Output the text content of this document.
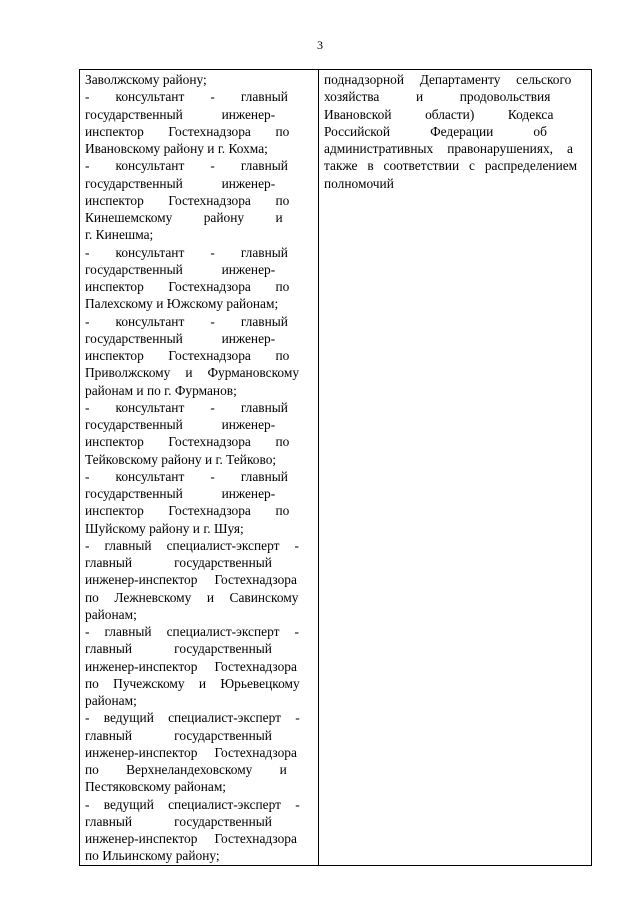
3
Заволжскому району;
- консультант - главный
государственный	инженер-
инспектор Гостехнадзора по
Ивановскому району и г. Кохма;
- консультант - главный
государственный	инженер-
инспектор Гостехнадзора по
Кинешемскому району и
г. Кинешма;
- консультант - главный
государственный	инженер-
инспектор Гостехнадзора по
Палехскому и Южскому районам;
- консультант - главный
государственный	инженер-
инспектор Гостехнадзора по
Приволжскому и Фурмановскому
районам и по г. Фурманов;
- консультант - главный
государственный	инженер-
инспектор Гостехнадзора по
Тейковскому району и г. Тейково;
- консультант - главный
государственный	инженер-
инспектор Гостехнадзора по
Шуйскому району и г. Шуя;
- главный специалист-эксперт -
главный	государственный
инженер-инспектор Гостехнадзора
по Лежневскому и Савинскому
районам;
- главный специалист-эксперт -
главный	государственный
инженер-инспектор Гостехнадзора
по Пучежскому и Юрьевецкому
районам;
- ведущий специалист-эксперт -
главный	государственный
инженер-инспектор Гостехнадзора
по Верхнеландеховскому и
Пестяковскому районам;
- ведущий специалист-эксперт -
главный	государственный
инженер-инспектор Гостехнадзора
по Ильинскому району;

поднадзорной Департаменту сельского
хозяйства	и	продовольствия
Ивановской	области)	Кодекса
Российской	Федерации	об
административных правонарушениях, а
также в соответствии с распределением
полномочий
